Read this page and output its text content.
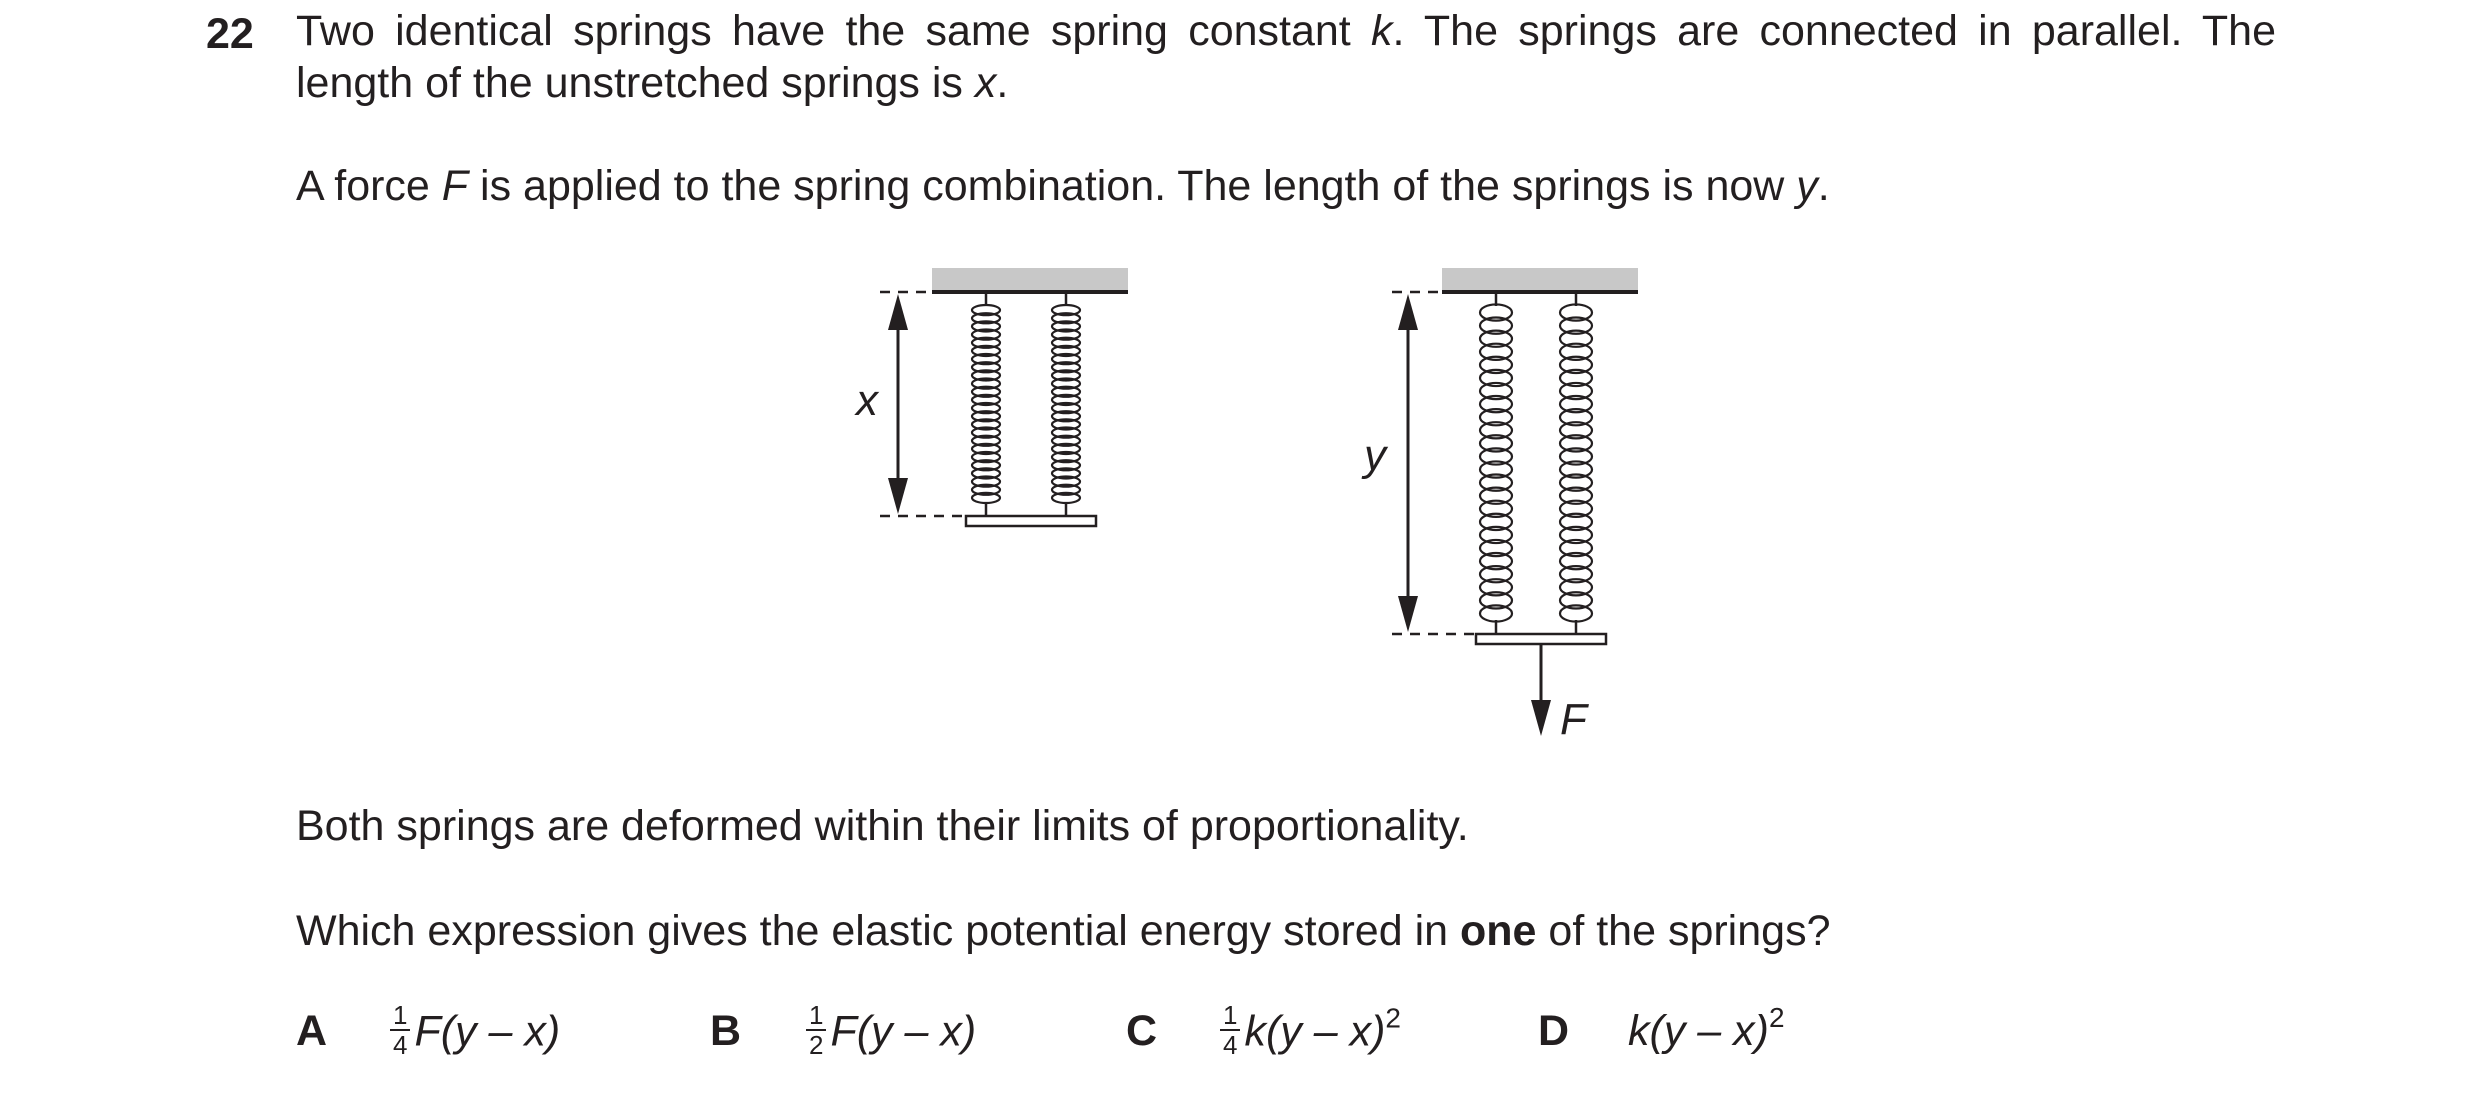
22 Two identical springs have the same spring constant k. The springs are connected in parallel. The length of the unstretched springs is x.
A force F is applied to the spring combination. The length of the springs is now y.
x
y
F
Both springs are deformed within their limits of proportionality.
Which expression gives the elastic potential energy stored in one of the springs?
A $\frac{1}{4} F(y - x)$	B $\frac{1}{2} F(y - x)$	C $\frac{1}{4} k(y - x)^2$	D k(y – x)$^2$
